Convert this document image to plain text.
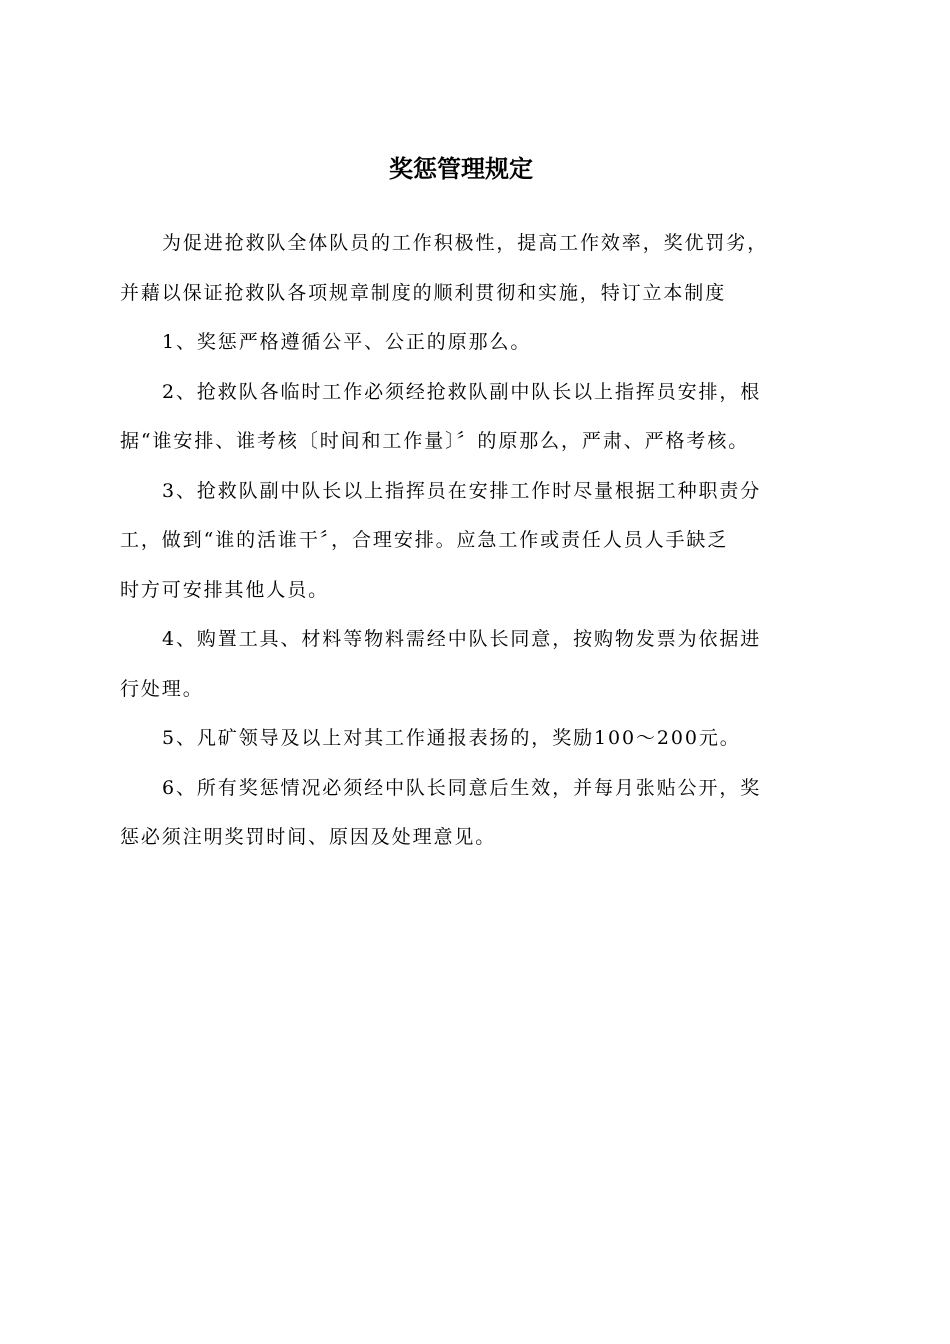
奖惩管理规定

为促进抢救队全体队员的工作积极性，提高工作效率，奖优罚劣，

并藉以保证抢救队各项规章制度的顺利贯彻和实施，特订立本制度

1、奖惩严格遵循公平、公正的原那么。

2、抢救队各临时工作必须经抢救队副中队长以上指挥员安排，根

据“谁安排、谁考核〔时间和工作量〕〞的原那么，严肃、严格考核。

3、抢救队副中队长以上指挥员在安排工作时尽量根据工种职责分

工，做到“谁的活谁干〞，合理安排。应急工作或责任人员人手缺乏

时方可安排其他人员。

4、购置工具、材料等物料需经中队长同意，按购物发票为依据进

行处理。

5、凡矿领导及以上对其工作通报表扬的，奖励100～200元。

6、所有奖惩情况必须经中队长同意后生效，并每月张贴公开，奖

惩必须注明奖罚时间、原因及处理意见。
